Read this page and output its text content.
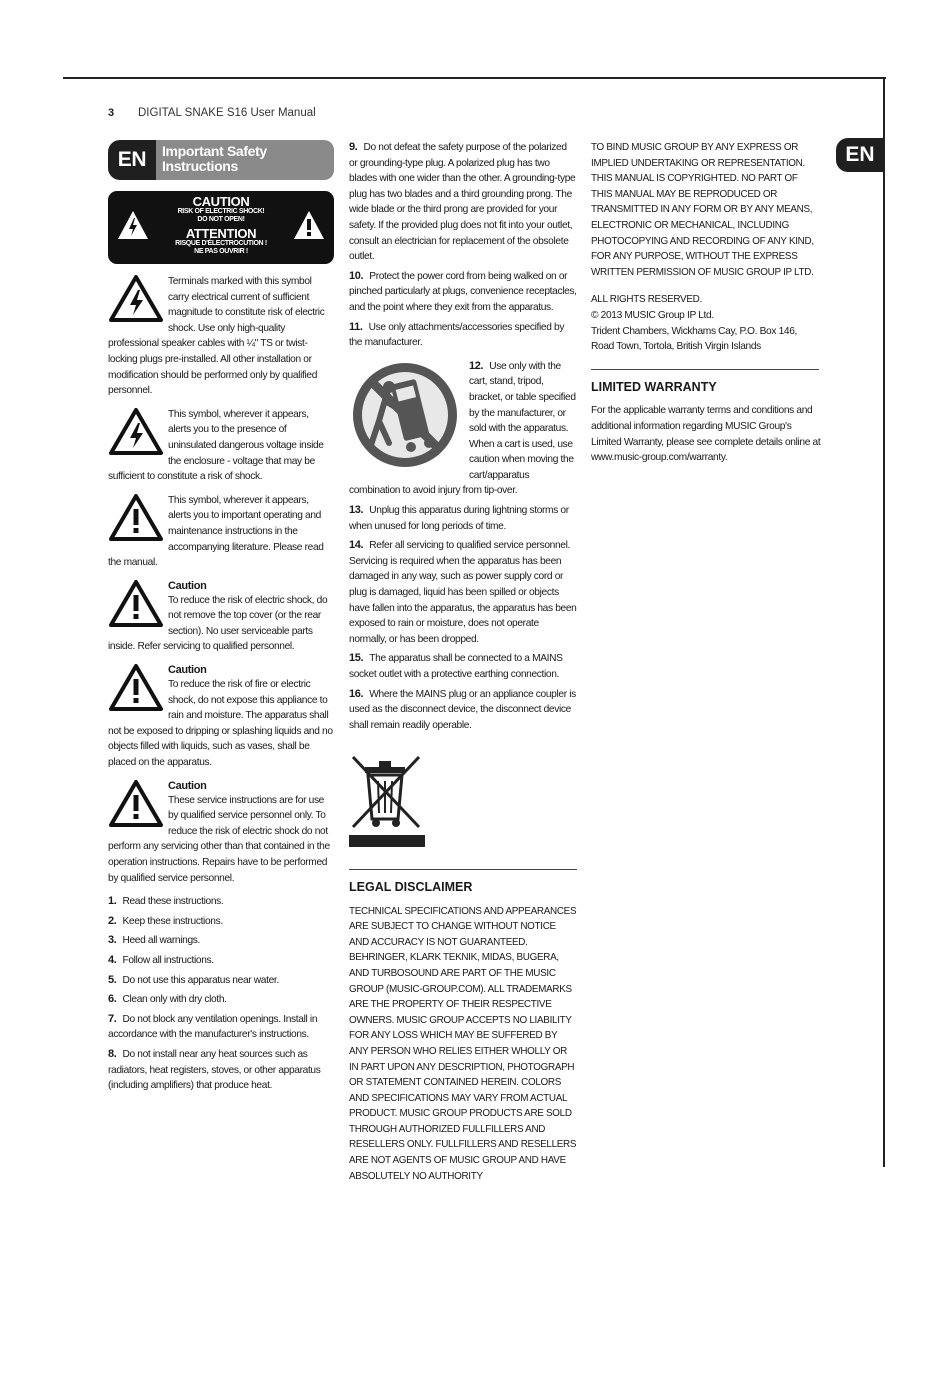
3 DIGITAL SNAKE S16 User Manual
EN
EN	Important Safety Instructions
CAUTION
RISK OF ELECTRIC SHOCK!
DO NOT OPEN!
ATTENTION
RISQUE D'ÉLECTROCUTION !
NE PAS OUVRIR !

Terminals marked with this symbol carry electrical current of sufficient magnitude to constitute risk of electric shock. Use only high-quality professional speaker cables with ¼" TS or twist-locking plugs pre-installed. All other installation or modification should be performed only by qualified personnel.

This symbol, wherever it appears, alerts you to the presence of uninsulated dangerous voltage inside the enclosure - voltage that may be sufficient to constitute a risk of shock.

This symbol, wherever it appears, alerts you to important operating and maintenance instructions in the accompanying literature. Please read the manual.

Caution

To reduce the risk of electric shock, do not remove the top cover (or the rear section). No user serviceable parts inside. Refer servicing to qualified personnel.

Caution

To reduce the risk of fire or electric shock, do not expose this appliance to rain and moisture. The apparatus shall not be exposed to dripping or splashing liquids and no objects filled with liquids, such as vases, shall be placed on the apparatus.

Caution

These service instructions are for use by qualified service personnel only. To reduce the risk of electric shock do not perform any servicing other than that contained in the operation instructions. Repairs have to be performed by qualified service personnel.

1. Read these instructions.
2. Keep these instructions.
3. Heed all warnings.
4. Follow all instructions.
5. Do not use this apparatus near water.
6. Clean only with dry cloth.
7. Do not block any ventilation openings. Install in accordance with the manufacturer's instructions.
8. Do not install near any heat sources such as radiators, heat registers, stoves, or other apparatus (including amplifiers) that produce heat.
9. Do not defeat the safety purpose of the polarized or grounding-type plug. A polarized plug has two blades with one wider than the other. A grounding-type plug has two blades and a third grounding prong. The wide blade or the third prong are provided for your safety. If the provided plug does not fit into your outlet, consult an electrician for replacement of the obsolete outlet.
10. Protect the power cord from being walked on or pinched particularly at plugs, convenience receptacles, and the point where they exit from the apparatus.
11. Use only attachments/accessories specified by the manufacturer.
12. Use only with the cart, stand, tripod, bracket, or table specified by the manufacturer, or sold with the apparatus. When a cart is used, use caution when moving the cart/apparatus combination to avoid injury from tip-over.
13. Unplug this apparatus during lightning storms or when unused for long periods of time.
14. Refer all servicing to qualified service personnel. Servicing is required when the apparatus has been damaged in any way, such as power supply cord or plug is damaged, liquid has been spilled or objects have fallen into the apparatus, the apparatus has been exposed to rain or moisture, does not operate normally, or has been dropped.
15. The apparatus shall be connected to a MAINS socket outlet with a protective earthing connection.
16. Where the MAINS plug or an appliance coupler is used as the disconnect device, the disconnect device shall remain readily operable.
LEGAL DISCLAIMER
TECHNICAL SPECIFICATIONS AND APPEARANCES ARE SUBJECT TO CHANGE WITHOUT NOTICE AND ACCURACY IS NOT GUARANTEED. BEHRINGER, KLARK TEKNIK, MIDAS, BUGERA, AND TURBOSOUND ARE PART OF THE MUSIC GROUP (MUSIC-GROUP.COM). ALL TRADEMARKS ARE THE PROPERTY OF THEIR RESPECTIVE OWNERS. MUSIC GROUP ACCEPTS NO LIABILITY FOR ANY LOSS WHICH MAY BE SUFFERED BY ANY PERSON WHO RELIES EITHER WHOLLY OR IN PART UPON ANY DESCRIPTION, PHOTOGRAPH OR STATEMENT CONTAINED HEREIN. COLORS AND SPECIFICATIONS MAY VARY FROM ACTUAL PRODUCT. MUSIC GROUP PRODUCTS ARE SOLD THROUGH AUTHORIZED FULLFILLERS AND RESELLERS ONLY. FULLFILLERS AND RESELLERS ARE NOT AGENTS OF MUSIC GROUP AND HAVE ABSOLUTELY NO AUTHORITY
TO BIND MUSIC GROUP BY ANY EXPRESS OR IMPLIED UNDERTAKING OR REPRESENTATION. THIS MANUAL IS COPYRIGHTED. NO PART OF THIS MANUAL MAY BE REPRODUCED OR TRANSMITTED IN ANY FORM OR BY ANY MEANS, ELECTRONIC OR MECHANICAL, INCLUDING PHOTOCOPYING AND RECORDING OF ANY KIND, FOR ANY PURPOSE, WITHOUT THE EXPRESS WRITTEN PERMISSION OF MUSIC GROUP IP LTD.
ALL RIGHTS RESERVED.
© 2013 MUSIC Group IP Ltd.
Trident Chambers, Wickhams Cay, P.O. Box 146,
Road Town, Tortola, British Virgin Islands
LIMITED WARRANTY
For the applicable warranty terms and conditions and additional information regarding MUSIC Group's Limited Warranty, please see complete details online at www.music-group.com/warranty.
